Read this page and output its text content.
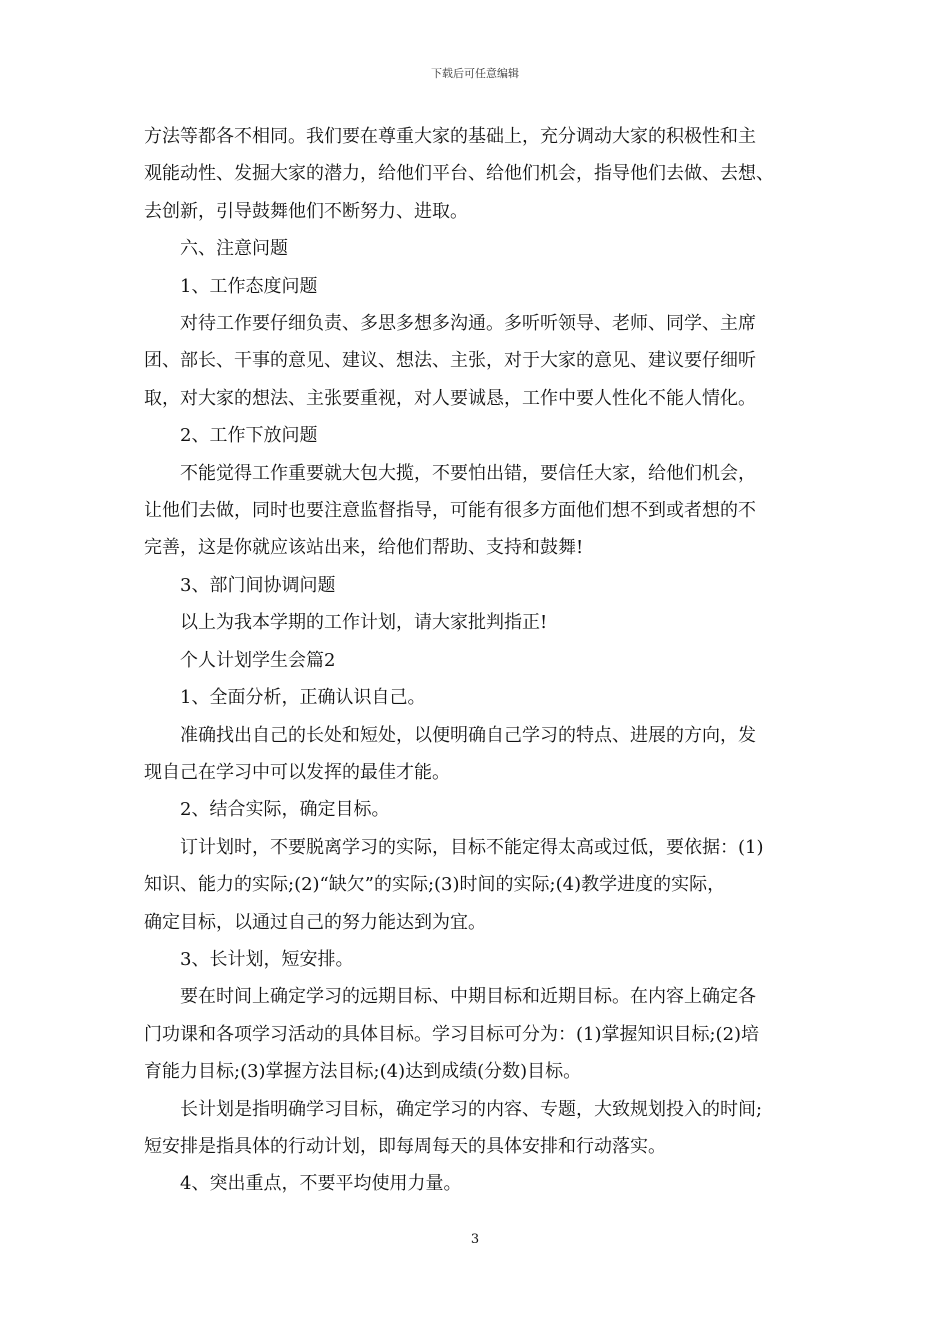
下载后可任意编辑

方法等都各不相同。我们要在尊重大家的基础上，充分调动大家的积极性和主

观能动性、发掘大家的潜力，给他们平台、给他们机会，指导他们去做、去想、

去创新，引导鼓舞他们不断努力、进取。

六、注意问题

1、工作态度问题

对待工作要仔细负责、多思多想多沟通。多听听领导、老师、同学、主席

团、部长、干事的意见、建议、想法、主张，对于大家的意见、建议要仔细听

取，对大家的想法、主张要重视，对人要诚恳，工作中要人性化不能人情化。

2、工作下放问题

不能觉得工作重要就大包大揽，不要怕出错，要信任大家，给他们机会，

让他们去做，同时也要注意监督指导，可能有很多方面他们想不到或者想的不

完善，这是你就应该站出来，给他们帮助、支持和鼓舞!

3、部门间协调问题

以上为我本学期的工作计划，请大家批判指正!

个人计划学生会篇2

1、全面分析，正确认识自己。

准确找出自己的长处和短处，以便明确自己学习的特点、进展的方向，发

现自己在学习中可以发挥的最佳才能。

2、结合实际，确定目标。

订计划时，不要脱离学习的实际，目标不能定得太高或过低，要依据：(1)

知识、能力的实际;(2)“缺欠”的实际;(3)时间的实际;(4)教学进度的实际，

确定目标，以通过自己的努力能达到为宜。

3、长计划，短安排。

要在时间上确定学习的远期目标、中期目标和近期目标。在内容上确定各

门功课和各项学习活动的具体目标。学习目标可分为：(1)掌握知识目标;(2)培

育能力目标;(3)掌握方法目标;(4)达到成绩(分数)目标。

长计划是指明确学习目标，确定学习的内容、专题，大致规划投入的时间;

短安排是指具体的行动计划，即每周每天的具体安排和行动落实。

4、突出重点，不要平均使用力量。

3
